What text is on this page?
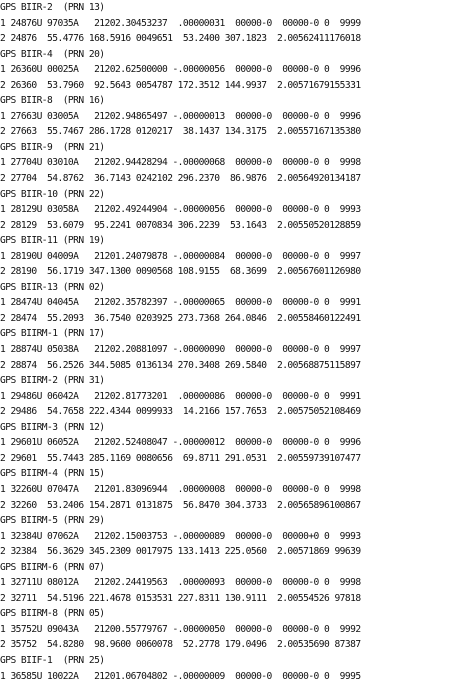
GPS BIIR-2  (PRN 13)
1 24876U 97035A   21202.30453237  .00000031  00000-0  00000-0 0  9999
2 24876  55.4776 168.5916 0049651  53.2400 307.1823  2.00562411176018
GPS BIIR-4  (PRN 20)
1 26360U 00025A   21202.62500000 -.00000056  00000-0  00000-0 0  9996
2 26360  53.7960  92.5643 0054787 172.3512 144.9937  2.00571679155331
GPS BIIR-8  (PRN 16)
1 27663U 03005A   21202.94865497 -.00000013  00000-0  00000-0 0  9996
2 27663  55.7467 286.1728 0120217  38.1437 134.3175  2.00557167135380
GPS BIIR-9  (PRN 21)
1 27704U 03010A   21202.94428294 -.00000068  00000-0  00000-0 0  9998
2 27704  54.8762  36.7143 0242102 296.2370  86.9876  2.00564920134187
GPS BIIR-10 (PRN 22)
1 28129U 03058A   21202.49244904 -.00000056  00000-0  00000-0 0  9993
2 28129  53.6079  95.2241 0070834 306.2239  53.1643  2.00550520128859
GPS BIIR-11 (PRN 19)
1 28190U 04009A   21201.24079878 -.00000084  00000-0  00000-0 0  9997
2 28190  56.1719 347.1300 0090568 108.9155  68.3699  2.00567601126980
GPS BIIR-13 (PRN 02)
1 28474U 04045A   21202.35782397 -.00000065  00000-0  00000-0 0  9991
2 28474  55.2093  36.7540 0203925 273.7368 264.0846  2.00558460122491
GPS BIIRM-1 (PRN 17)
1 28874U 05038A   21202.20881097 -.00000090  00000-0  00000-0 0  9997
2 28874  56.2526 344.5085 0136134 270.3408 269.5840  2.00568875115897
GPS BIIRM-2 (PRN 31)
1 29486U 06042A   21202.81773201  .00000086  00000-0  00000-0 0  9991
2 29486  54.7658 222.4344 0099933  14.2166 157.7653  2.00575052108469
GPS BIIRM-3 (PRN 12)
1 29601U 06052A   21202.52408047 -.00000012  00000-0  00000-0 0  9996
2 29601  55.7443 285.1169 0080656  69.8711 291.0531  2.00559739107477
GPS BIIRM-4 (PRN 15)
1 32260U 07047A   21201.83096944  .00000008  00000-0  00000-0 0  9998
2 32260  53.2406 154.2871 0131875  56.8470 304.3733  2.00565896100867
GPS BIIRM-5 (PRN 29)
1 32384U 07062A   21202.15003753 -.00000089  00000-0  00000+0 0  9993
2 32384  56.3629 345.2309 0017975 133.1413 225.0560  2.00571869 99639
GPS BIIRM-6 (PRN 07)
1 32711U 08012A   21202.24419563  .00000093  00000-0  00000-0 0  9998
2 32711  54.5196 221.4678 0153531 227.8311 130.9111  2.00554526 97818
GPS BIIRM-8 (PRN 05)
1 35752U 09043A   21200.55779767 -.00000050  00000-0  00000-0 0  9992
2 35752  54.8280  98.9600 0060078  52.2778 179.0496  2.00535690 87387
GPS BIIF-1  (PRN 25)
1 36585U 10022A   21201.06704802 -.00000009  00000-0  00000-0 0  9995
